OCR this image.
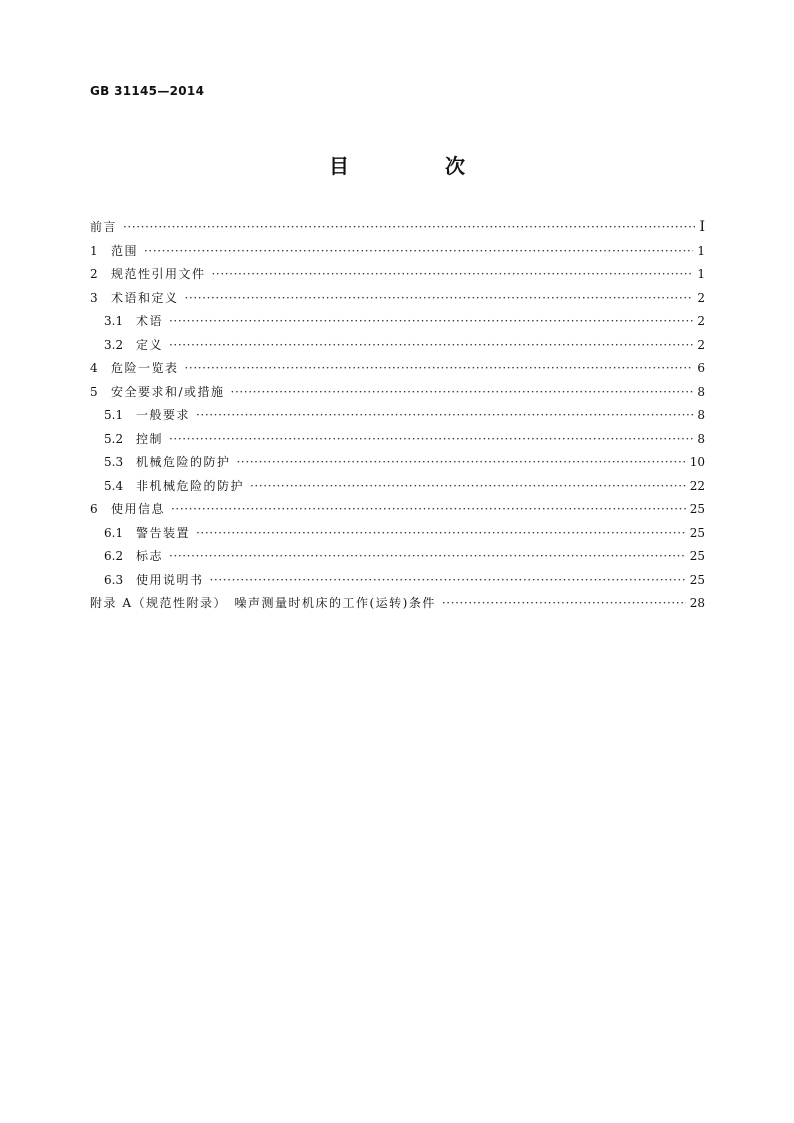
GB 31145—2014
目　次
前言 ·····	Ⅰ
1	范围 ·····	1
2	规范性引用文件 ·····	1
3	术语和定义 ·····	2
3.1	术语 ·····	2
3.2	定义 ·····	2
4	危险一览表 ·····	6
5	安全要求和/或措施 ·····	8
5.1	一般要求 ·····	8
5.2	控制 ·····	8
5.3	机械危险的防护 ·····	10
5.4	非机械危险的防护 ·····	22
6	使用信息 ·····	25
6.1	警告装置 ·····	25
6.2	标志 ·····	25
6.3	使用说明书 ·····	25
附录 A（规范性附录）　噪声测量时机床的工作(运转)条件 ·····	28
